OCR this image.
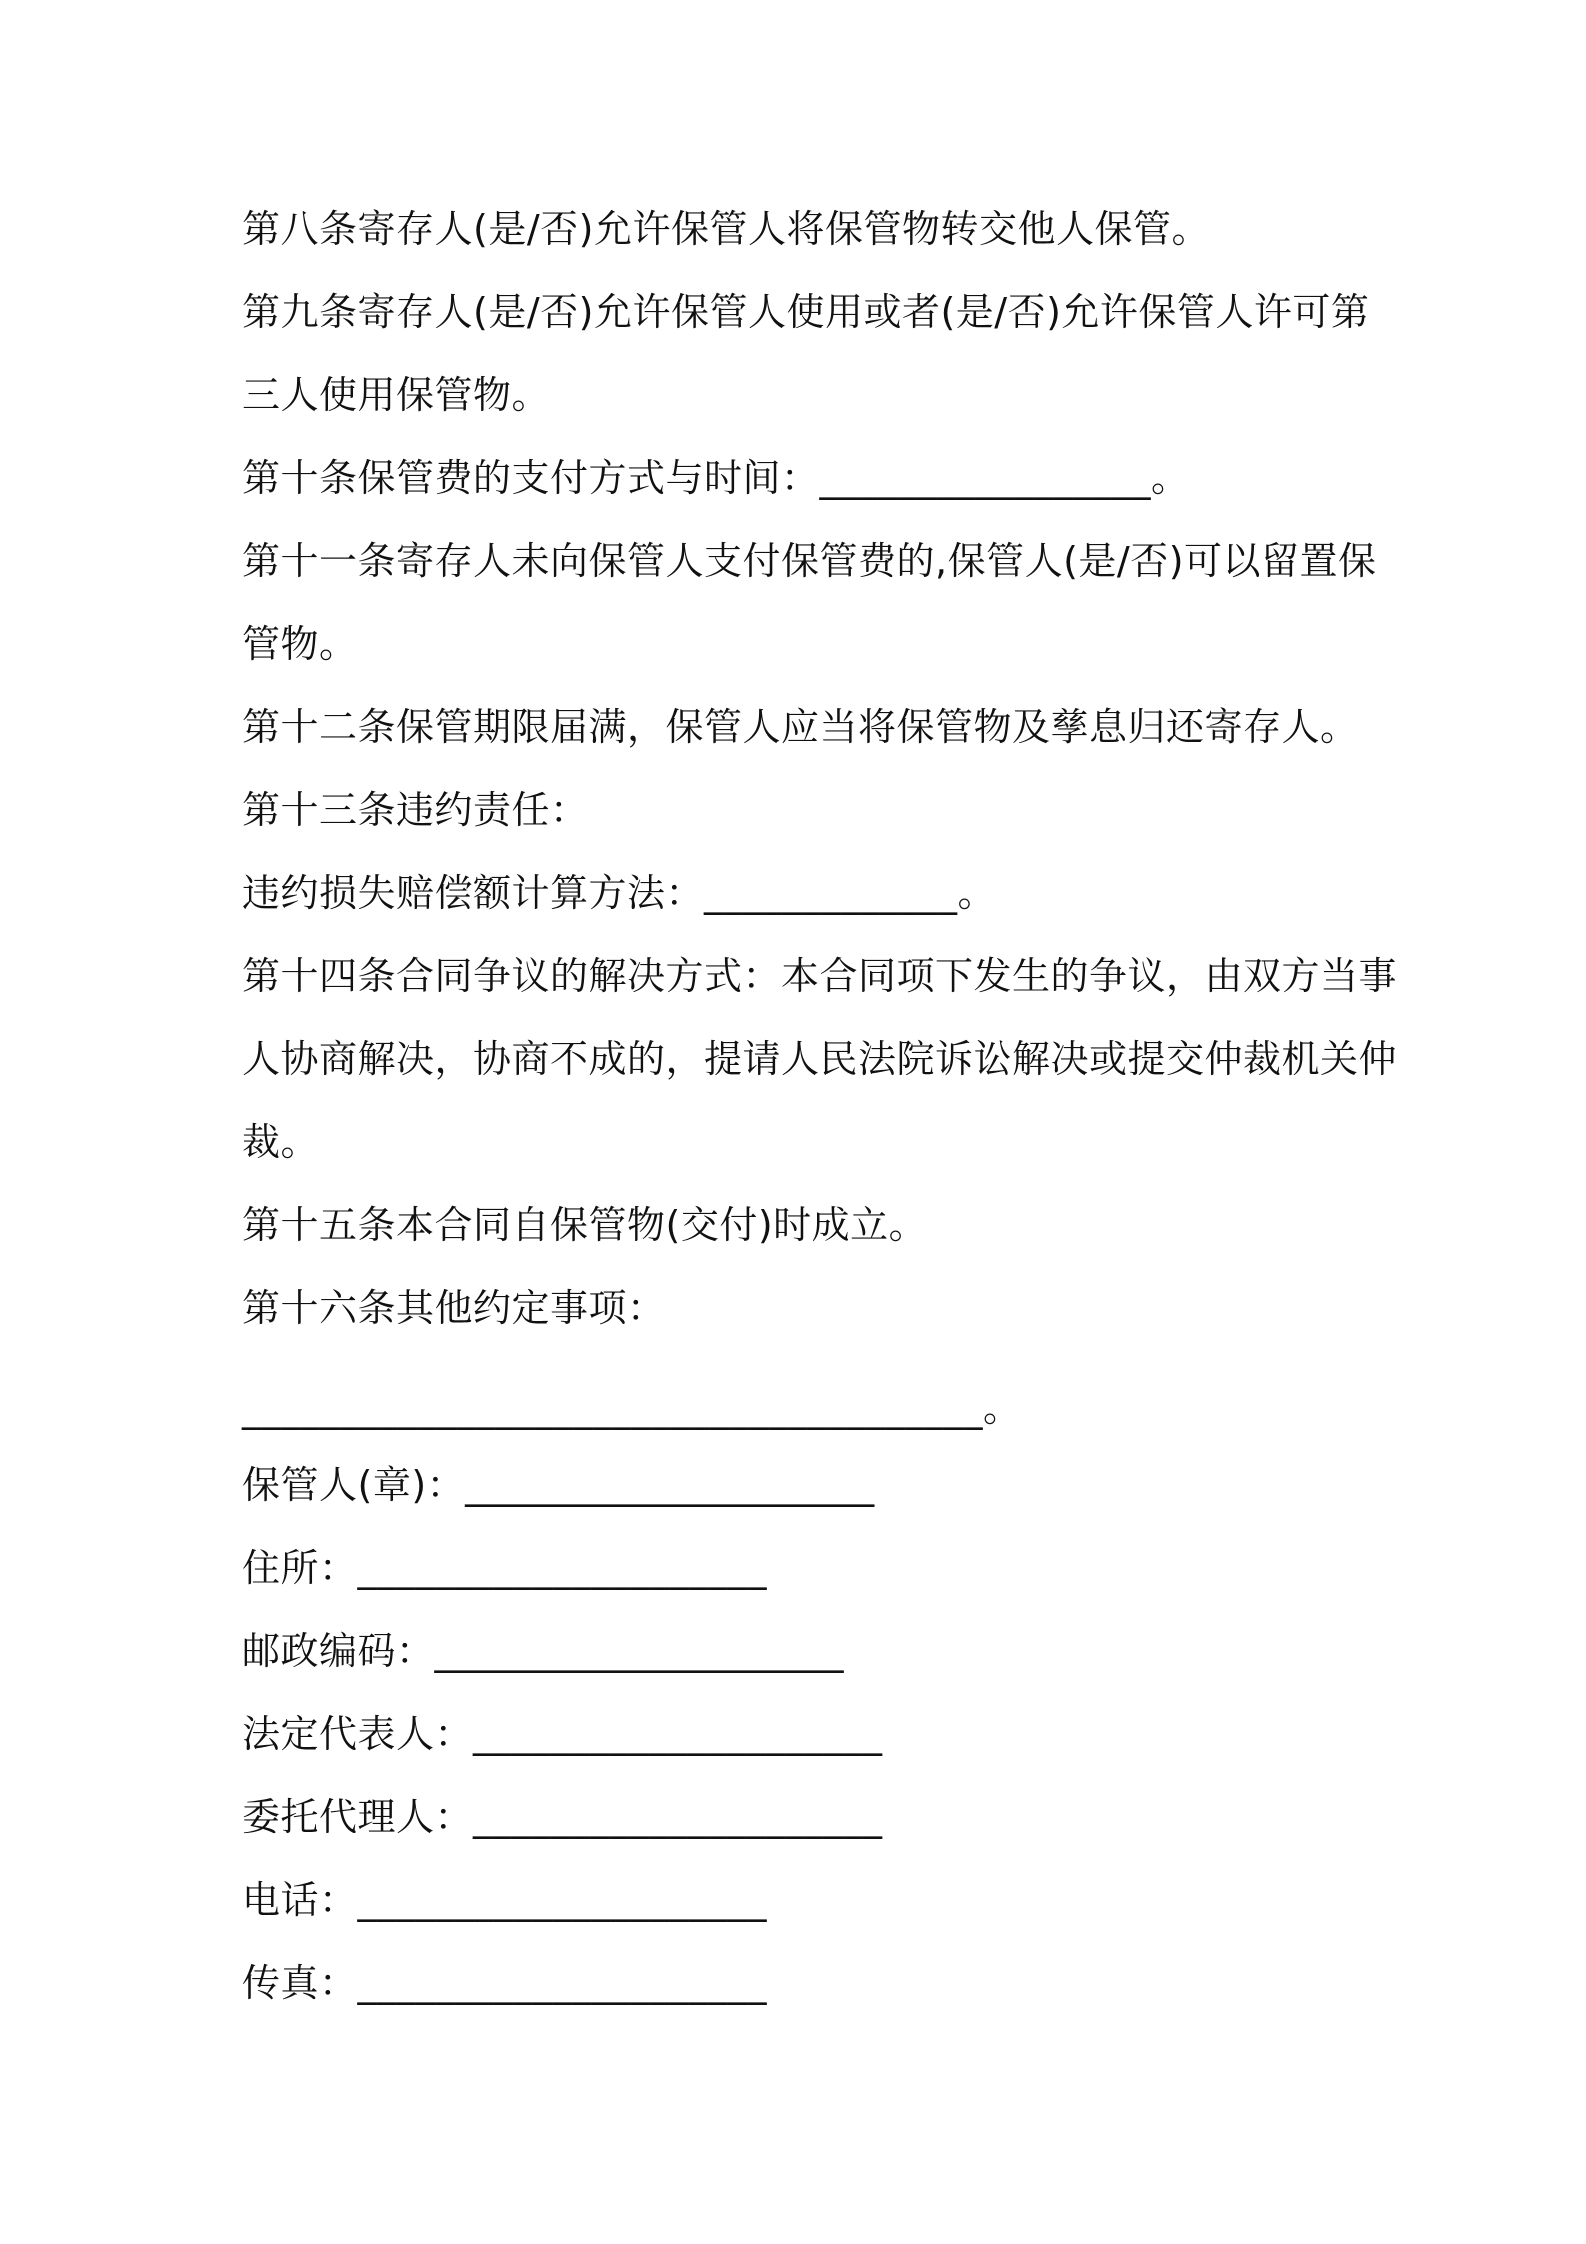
第八条寄存人(是/否)允许保管人将保管物转交他人保管。
第九条寄存人(是/否)允许保管人使用或者(是/否)允许保管人许可第
三人使用保管物。
第十条保管费的支付方式与时间：_________________。
第十一条寄存人未向保管人支付保管费的,保管人(是/否)可以留置保
管物。
第十二条保管期限届满，保管人应当将保管物及孳息归还寄存人。
第十三条违约责任：
违约损失赔偿额计算方法：_____________。
第十四条合同争议的解决方式：本合同项下发生的争议，由双方当事
人协商解决，协商不成的，提请人民法院诉讼解决或提交仲裁机关仲
裁。
第十五条本合同自保管物(交付)时成立。
第十六条其他约定事项：
______________________________________。
保管人(章)：_____________________
住所：_____________________
邮政编码：_____________________
法定代表人：_____________________
委托代理人：_____________________
电话：_____________________
传真：_____________________
